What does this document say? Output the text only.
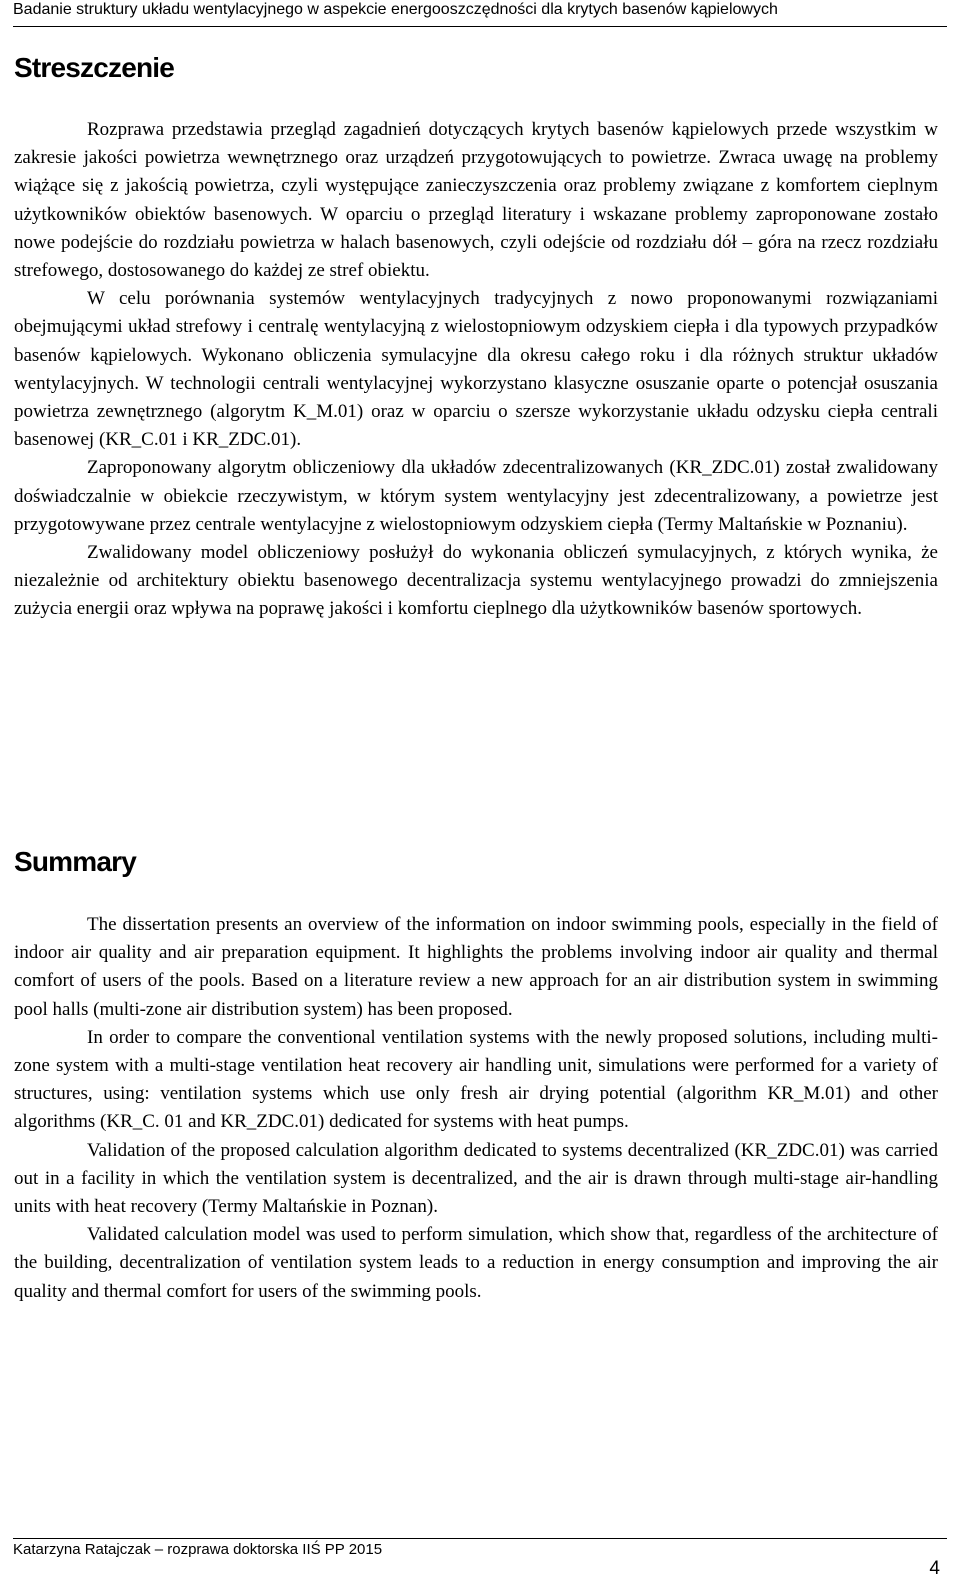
Badanie struktury układu wentylacyjnego w aspekcie energooszczędności dla krytych basenów kąpielowych
Streszczenie

Rozprawa przedstawia przegląd zagadnień dotyczących krytych basenów kąpielowych przede wszystkim w zakresie jakości powietrza wewnętrznego oraz urządzeń przygotowujących to powietrze. Zwraca uwagę na problemy wiążące się z jakością powietrza, czyli występujące zanieczyszczenia oraz problemy związane z komfortem cieplnym użytkowników obiektów basenowych. W oparciu o przegląd literatury i wskazane problemy zaproponowane zostało nowe podejście do rozdziału powietrza w halach basenowych, czyli odejście od rozdziału dół – góra na rzecz rozdziału strefowego, dostosowanego do każdej ze stref obiektu.

W celu porównania systemów wentylacyjnych tradycyjnych z nowo proponowanymi rozwiązaniami obejmującymi układ strefowy i centralę wentylacyjną z wielostopniowym odzyskiem ciepła i dla typowych przypadków basenów kąpielowych. Wykonano obliczenia symulacyjne dla okresu całego roku i dla różnych struktur układów wentylacyjnych. W technologii centrali wentylacyjnej wykorzystano klasyczne osuszanie oparte o potencjał osuszania powietrza zewnętrznego (algorytm K_M.01) oraz w oparciu o szersze wykorzystanie układu odzysku ciepła centrali basenowej (KR_C.01 i KR_ZDC.01).

Zaproponowany algorytm obliczeniowy dla układów zdecentralizowanych (KR_ZDC.01) został zwalidowany doświadczalnie w obiekcie rzeczywistym, w którym system wentylacyjny jest zdecentralizowany, a powietrze jest przygotowywane przez centrale wentylacyjne z wielostopniowym odzyskiem ciepła (Termy Maltańskie w Poznaniu).

Zwalidowany model obliczeniowy posłużył do wykonania obliczeń symulacyjnych, z których wynika, że niezależnie od architektury obiektu basenowego decentralizacja systemu wentylacyjnego prowadzi do zmniejszenia zużycia energii oraz wpływa na poprawę jakości i komfortu cieplnego dla użytkowników basenów sportowych.

Summary

The dissertation presents an overview of the information on indoor swimming pools, especially in the field of indoor air quality and air preparation equipment. It highlights the problems involving indoor air quality and thermal comfort of users of the pools. Based on a literature review a new approach for an air distribution system in swimming pool halls (multi-zone air distribution system) has been proposed.

In order to compare the conventional ventilation systems with the newly proposed solutions, including multi-zone system with a multi-stage ventilation heat recovery air handling unit, simulations were performed for a variety of structures, using: ventilation systems which use only fresh air drying potential (algorithm KR_M.01) and other algorithms (KR_C. 01 and KR_ZDC.01) dedicated for systems with heat pumps.

Validation of the proposed calculation algorithm dedicated to systems decentralized (KR_ZDC.01) was carried out in a facility in which the ventilation system is decentralized, and the air is drawn through multi-stage air-handling units with heat recovery (Termy Maltańskie in Poznan).

Validated calculation model was used to perform simulation, which show that, regardless of the architecture of the building, decentralization of ventilation system leads to a reduction in energy consumption and improving the air quality and thermal comfort for users of the swimming pools.

Katarzyna Ratajczak – rozprawa doktorska IIŚ PP 2015
4
